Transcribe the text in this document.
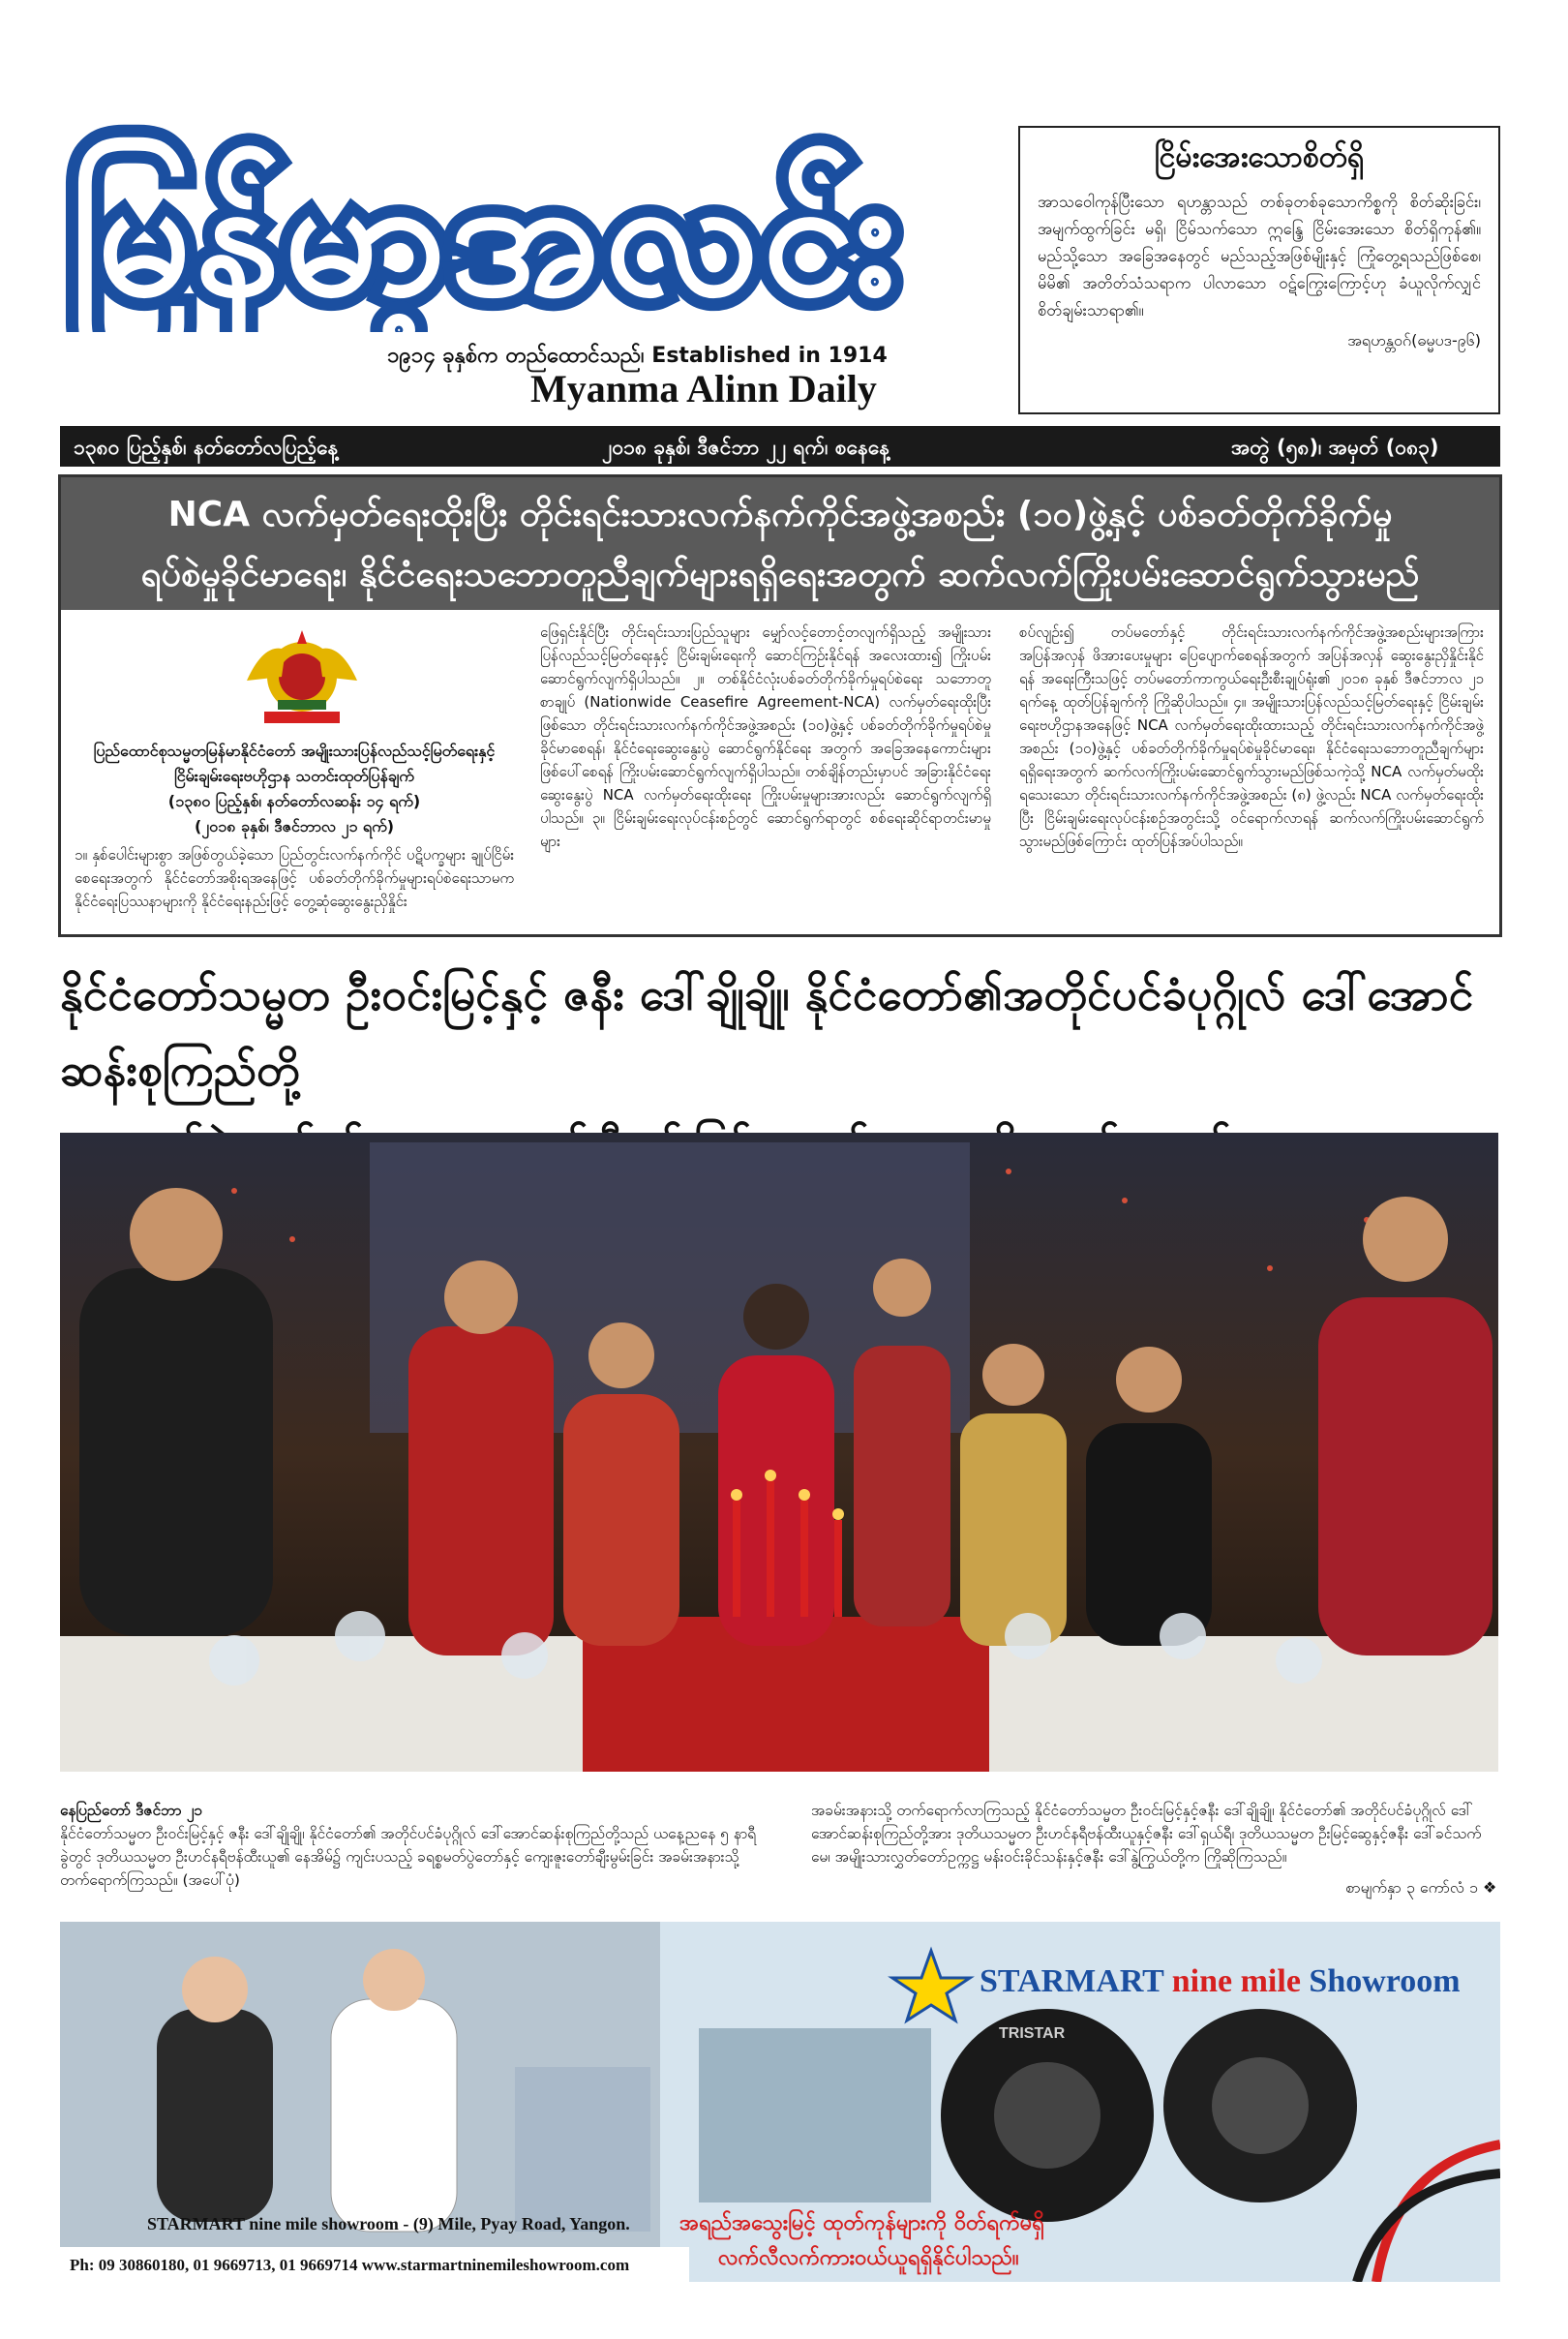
မြန်မာ့အလင်း
၁၉၁၄ ခုနှစ်က တည်ထောင်သည်၊ Established in 1914
Myanma Alinn Daily
ငြိမ်းအေးသောစိတ်ရှိ
အာသဝေါကုန်ပြီးသော ရဟန္တာသည် တစ်ခုတစ်ခုသောကိစ္စကို စိတ်ဆိုးခြင်း၊ အမျက်ထွက်ခြင်း မရှိ၊ ငြိမ်သက်သော ဣန္ဒြေ ငြိမ်းအေးသော စိတ်ရှိကုန်၏။ မည်သို့သော အခြေအနေတွင် မည်သည့်အဖြစ်မျိုးနှင့် ကြုံတွေ့ရသည်ဖြစ်စေ၊ မိမိ၏ အတိတ်သံသရာက ပါလာသော ဝဋ်ကြွေးကြောင့်ဟု ခံယူလိုက်လျှင် စိတ်ချမ်းသာရာ၏။
အရဟန္တဝဂ်(ဓမ္မပဒ-၉၆)
၁၃၈၀ ပြည့်နှစ်၊ နတ်တော်လပြည့်နေ့	၂၀၁၈ ခုနှစ်၊ ဒီဇင်ဘာ ၂၂ ရက်၊ စနေနေ့	အတွဲ (၅၈)၊ အမှတ် (၀၈၃)
NCA လက်မှတ်ရေးထိုးပြီး တိုင်းရင်းသားလက်နက်ကိုင်အဖွဲ့အစည်း (၁၀)ဖွဲ့နှင့် ပစ်ခတ်တိုက်ခိုက်မှု
ရပ်စဲမှုခိုင်မာရေး၊ နိုင်ငံရေးသဘောတူညီချက်များရရှိရေးအတွက် ဆက်လက်ကြိုးပမ်းဆောင်ရွက်သွားမည်
ပြည်ထောင်စုသမ္မတမြန်မာနိုင်ငံတော် အမျိုးသားပြန်လည်သင့်မြတ်ရေးနှင့် ငြိမ်းချမ်းရေးဗဟိုဌာန သတင်းထုတ်ပြန်ချက်
(၁၃၈၀ ပြည့်နှစ်၊ နတ်တော်လဆန်း ၁၄ ရက်)
(၂၀၁၈ ခုနှစ်၊ ဒီဇင်ဘာလ ၂၁ ရက်)
၁။ နှစ်ပေါင်းများစွာ အဖြစ်တွယ်ခဲ့သော ပြည်တွင်းလက်နက်ကိုင် ပဋိပက္ခများ ချုပ်ငြိမ်းစေရေးအတွက် နိုင်ငံတော်အစိုးရအနေဖြင့် ပစ်ခတ်တိုက်ခိုက်မှုများရပ်စဲရေးသာမက နိုင်ငံရေးပြဿနာများကို နိုင်ငံရေးနည်းဖြင့် တွေ့ဆုံဆွေးနွေးညှိနှိုင်း
ဖြေရှင်းနိုင်ပြီး တိုင်းရင်းသားပြည်သူများ မျှော်လင့်တောင့်တလျက်ရှိသည့် အမျိုးသားပြန်လည်သင့်မြတ်ရေးနှင့် ငြိမ်းချမ်းရေးကို ဆောင်ကြဉ်းနိုင်ရန် အလေးထား၍ ကြိုးပမ်းဆောင်ရွက်လျက်ရှိပါသည်။ ၂။ တစ်နိုင်ငံလုံးပစ်ခတ်တိုက်ခိုက်မှုရပ်စဲရေး သဘောတူစာချုပ် (Nationwide Ceasefire Agreement-NCA) လက်မှတ်ရေးထိုးပြီးဖြစ်သော တိုင်းရင်းသားလက်နက်ကိုင်အဖွဲ့အစည်း (၁၀)ဖွဲ့နှင့် ပစ်ခတ်တိုက်ခိုက်မှုရပ်စဲမှုခိုင်မာစေရန်၊ နိုင်ငံရေးဆွေးနွေးပွဲ ဆောင်ရွက်နိုင်ရေး အတွက် အခြေအနေကောင်းများဖြစ်ပေါ်စေရန် ကြိုးပမ်းဆောင်ရွက်လျက်ရှိပါသည်။ တစ်ချိန်တည်းမှာပင် အခြားနိုင်ငံရေးဆွေးနွေးပွဲ NCA လက်မှတ်ရေးထိုးရေး ကြိုးပမ်းမှုများအားလည်း ဆောင်ရွက်လျက်ရှိပါသည်။ ၃။ ငြိမ်းချမ်းရေးလုပ်ငန်းစဉ်တွင် ဆောင်ရွက်ရာတွင် စစ်ရေးဆိုင်ရာတင်းမာမှုများ
စပ်လျဉ်း၍ တပ်မတော်နှင့် တိုင်းရင်းသားလက်နက်ကိုင်အဖွဲ့အစည်းများအကြား အပြန်အလှန် ဖိအားပေးမှုများ ပြေပျောက်စေရန်အတွက် အပြန်အလှန် ဆွေးနွေးညှိနှိုင်းနိုင်ရန် အရေးကြီးသဖြင့် တပ်မတော်ကာကွယ်ရေးဦးစီးချုပ်ရုံး၏ ၂၀၁၈ ခုနှစ် ဒီဇင်ဘာလ ၂၁ ရက်နေ့ ထုတ်ပြန်ချက်ကို ကြိုဆိုပါသည်။ ၄။ အမျိုးသားပြန်လည်သင့်မြတ်ရေးနှင့် ငြိမ်းချမ်းရေးဗဟိုဌာနအနေဖြင့် NCA လက်မှတ်ရေးထိုးထားသည့် တိုင်းရင်းသားလက်နက်ကိုင်အဖွဲ့အစည်း (၁၀)ဖွဲ့နှင့် ပစ်ခတ်တိုက်ခိုက်မှုရပ်စဲမှုခိုင်မာရေး၊ နိုင်ငံရေးသဘောတူညီချက်များ ရရှိရေးအတွက် ဆက်လက်ကြိုးပမ်းဆောင်ရွက်သွားမည်ဖြစ်သကဲ့သို့ NCA လက်မှတ်မထိုးရသေးသော တိုင်းရင်းသားလက်နက်ကိုင်အဖွဲ့အစည်း (၈) ဖွဲ့လည်း NCA လက်မှတ်ရေးထိုးပြီး ငြိမ်းချမ်းရေးလုပ်ငန်းစဉ်အတွင်းသို့ ဝင်ရောက်လာရန် ဆက်လက်ကြိုးပမ်းဆောင်ရွက်သွားမည်ဖြစ်ကြောင်း ထုတ်ပြန်အပ်ပါသည်။
နိုင်ငံတော်သမ္မတ ဦးဝင်းမြင့်နှင့် ဇနီး ဒေါ်ချိုချို၊ နိုင်ငံတော်၏အတိုင်ပင်ခံပုဂ္ဂိုလ် ဒေါ်အောင်ဆန်းစုကြည်တို့
နေပြည်တော် ဒီဇင်ဘာ ၂၁
နိုင်ငံတော်သမ္မတ ဦးဝင်းမြင့်နှင့် ဇနီး ဒေါ်ချိုချို၊ နိုင်ငံတော်၏ အတိုင်ပင်ခံပုဂ္ဂိုလ် ဒေါ်အောင်ဆန်းစုကြည်တို့သည် ယနေ့ညနေ ၅ နာရီခွဲတွင် ဒုတိယသမ္မတ ဦးဟင်နရီဗန်ထီးယူ၏ နေအိမ်၌ ကျင်းပသည့် ခရစ္စမတ်ပွဲတော်နှင့် ကျေးဇူးတော်ချီးမွမ်းခြင်း အခမ်းအနားသို့ တက်ရောက်ကြသည်။ (အပေါ်ပုံ)
အခမ်းအနားသို့ တက်ရောက်လာကြသည့် နိုင်ငံတော်သမ္မတ ဦးဝင်းမြင့်နှင့်ဇနီး ဒေါ်ချိုချို၊ နိုင်ငံတော်၏ အတိုင်ပင်ခံပုဂ္ဂိုလ် ဒေါ်အောင်ဆန်းစုကြည်တို့အား ဒုတိယသမ္မတ ဦးဟင်နရီဗန်ထီးယူနှင့်ဇနီး ဒေါ်ရှယ်ရီ၊ ဒုတိယသမ္မတ ဦးမြင့်ဆွေနှင့်ဇနီး ဒေါ်ခင်သက်မေ၊ အမျိုးသားလွှတ်တော်ဥက္ကဋ္ဌ မန်းဝင်းခိုင်သန်းနှင့်ဇနီး ဒေါ်နွဲ့ကြွယ်တို့က ကြိုဆိုကြသည်။
စာမျက်နှာ ၃ ကော်လံ ၁ ❖
TRISTAR
STARMART nine mile Showroom
STARMART nine mile showroom - (9) Mile, Pyay Road, Yangon.
Ph: 09 30860180, 01 9669713, 01 9669714 www.starmartninemileshowroom.com
အရည်အသွေးမြင့် ထုတ်ကုန်များကို ဝိတ်ရက်မရှိ
လက်လီလက်ကားဝယ်ယူရရှိနိုင်ပါသည်။
